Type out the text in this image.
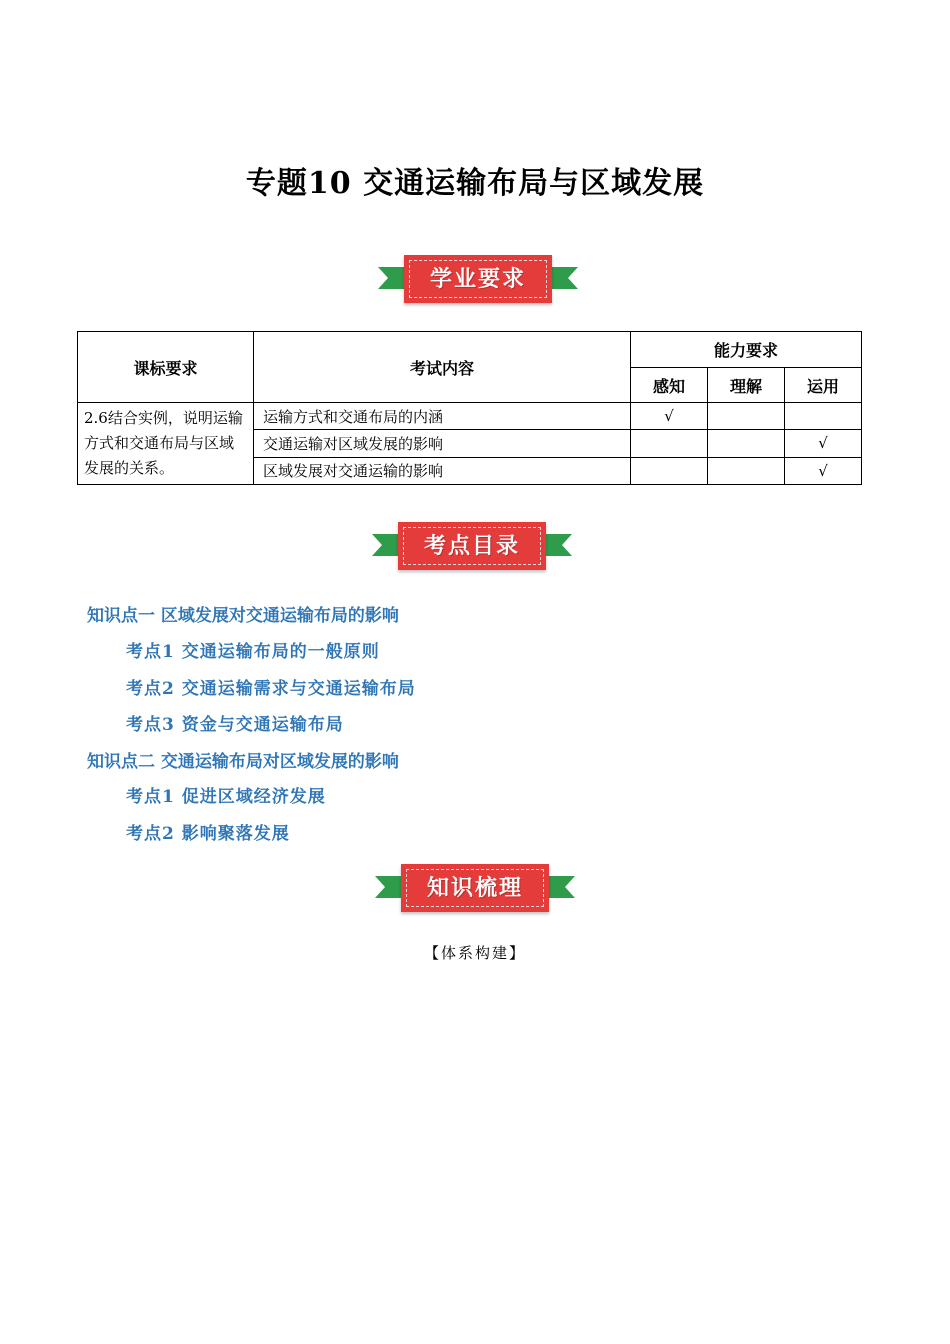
专题10 交通运输布局与区域发展
学业要求
课标要求	考试内容	能力要求		
		感知	理解	运用
2.6结合实例，说明运输方式和交通布局与区域发展的关系。	运输方式和交通布局的内涵	√		
	交通运输对区域发展的影响			√
	区域发展对交通运输的影响			√
考点目录
知识点一 区域发展对交通运输布局的影响
考点1 交通运输布局的一般原则
考点2 交通运输需求与交通运输布局
考点3 资金与交通运输布局
知识点二 交通运输布局对区域发展的影响
考点1 促进区域经济发展
考点2 影响聚落发展
知识梳理
【体系构建】
